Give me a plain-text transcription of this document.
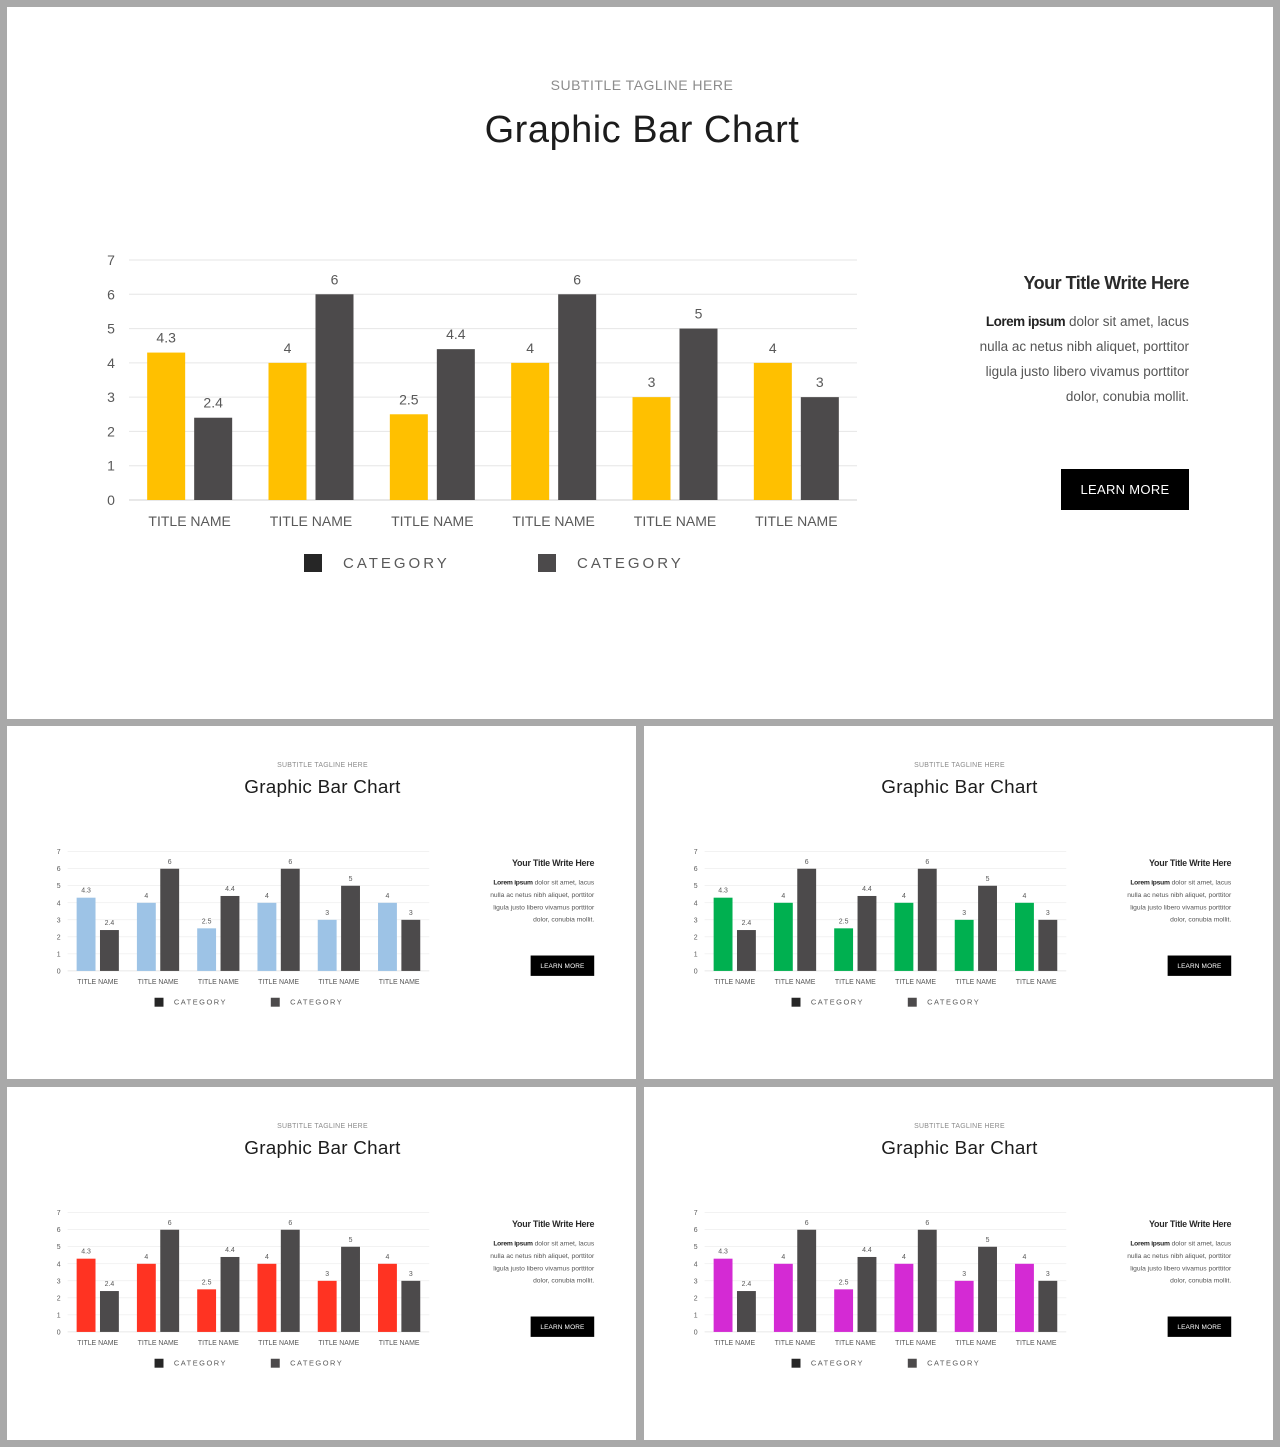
SUBTITLE TAGLINE HERE
Graphic Bar Chart
0
1
2
3
4
5
6
7
4.3
2.4
TITLE NAME
4
6
TITLE NAME
2.5
4.4
TITLE NAME
4
6
TITLE NAME
3
5
TITLE NAME
4
3
TITLE NAME
CATEGORY	CATEGORY
Your Title Write Here
Lorem ipsum dolor sit amet, lacus nulla ac netus nibh aliquet, porttitor ligula justo libero vivamus porttitor dolor, conubia mollit.
LEARN MORE
SUBTITLE TAGLINE HERE
Graphic Bar Chart
0
1
2
3
4
5
6
7
4.3
2.4
TITLE NAME
4
6
TITLE NAME
2.5
4.4
TITLE NAME
4
6
TITLE NAME
3
5
TITLE NAME
4
3
TITLE NAME
CATEGORY	CATEGORY
Your Title Write Here
Lorem ipsum dolor sit amet, lacus nulla ac netus nibh aliquet, porttitor ligula justo libero vivamus porttitor dolor, conubia mollit.
LEARN MORE
SUBTITLE TAGLINE HERE
Graphic Bar Chart
0
1
2
3
4
5
6
7
4.3
2.4
TITLE NAME
4
6
TITLE NAME
2.5
4.4
TITLE NAME
4
6
TITLE NAME
3
5
TITLE NAME
4
3
TITLE NAME
CATEGORY	CATEGORY
Your Title Write Here
Lorem ipsum dolor sit amet, lacus nulla ac netus nibh aliquet, porttitor ligula justo libero vivamus porttitor dolor, conubia mollit.
LEARN MORE
SUBTITLE TAGLINE HERE
Graphic Bar Chart
0
1
2
3
4
5
6
7
4.3
2.4
TITLE NAME
4
6
TITLE NAME
2.5
4.4
TITLE NAME
4
6
TITLE NAME
3
5
TITLE NAME
4
3
TITLE NAME
CATEGORY	CATEGORY
Your Title Write Here
Lorem ipsum dolor sit amet, lacus nulla ac netus nibh aliquet, porttitor ligula justo libero vivamus porttitor dolor, conubia mollit.
LEARN MORE
SUBTITLE TAGLINE HERE
Graphic Bar Chart
0
1
2
3
4
5
6
7
4.3
2.4
TITLE NAME
4
6
TITLE NAME
2.5
4.4
TITLE NAME
4
6
TITLE NAME
3
5
TITLE NAME
4
3
TITLE NAME
CATEGORY	CATEGORY
Your Title Write Here
Lorem ipsum dolor sit amet, lacus nulla ac netus nibh aliquet, porttitor ligula justo libero vivamus porttitor dolor, conubia mollit.
LEARN MORE
